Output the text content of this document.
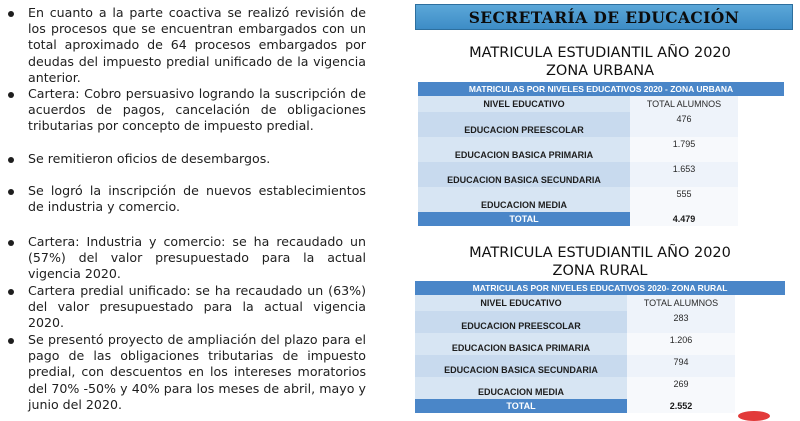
En cuanto a la parte coactiva se realizó revisión de los procesos que se encuentran embargados con un total aproximado de 64 procesos embargados por deudas del impuesto predial unificado de la vigencia anterior.
Cartera: Cobro persuasivo logrando la suscripción de acuerdos de pagos, cancelación de obligaciones tributarias por concepto de impuesto predial.
Se remitieron oficios de desembargos.
Se logró la inscripción de nuevos establecimientos de industria y comercio.
Cartera: Industria y comercio: se ha recaudado un (57%) del valor presupuestado para la actual vigencia 2020.
Cartera predial unificado: se ha recaudado un (63%) del valor presupuestado para la actual vigencia 2020.
Se presentó proyecto de ampliación del plazo para el pago de las obligaciones tributarias de impuesto predial, con descuentos en los intereses moratorios del 70% -50% y 40% para los meses de abril, mayo y junio del 2020.
SECRETARÍA DE EDUCACIÓN
MATRICULA ESTUDIANTIL AÑO 2020
ZONA URBANA
MATRICULAS POR NIVELES EDUCATIVOS 2020 - ZONA URBANA		
NIVEL EDUCATIVO	TOTAL ALUMNOS	
EDUCACION PREESCOLAR	476	
EDUCACION BASICA PRIMARIA	1.795	
EDUCACION BASICA SECUNDARIA	1.653	
EDUCACION MEDIA	555	
TOTAL	4.479	
MATRICULA ESTUDIANTIL AÑO 2020
ZONA RURAL
MATRICULAS POR NIVELES EDUCATIVOS 2020- ZONA RURAL		
NIVEL EDUCATIVO	TOTAL ALUMNOS	
EDUCACION PREESCOLAR	283	
EDUCACION BASICA PRIMARIA	1.206	
EDUCACION BASICA SECUNDARIA	794	
EDUCACION MEDIA	269	
TOTAL	2.552	
